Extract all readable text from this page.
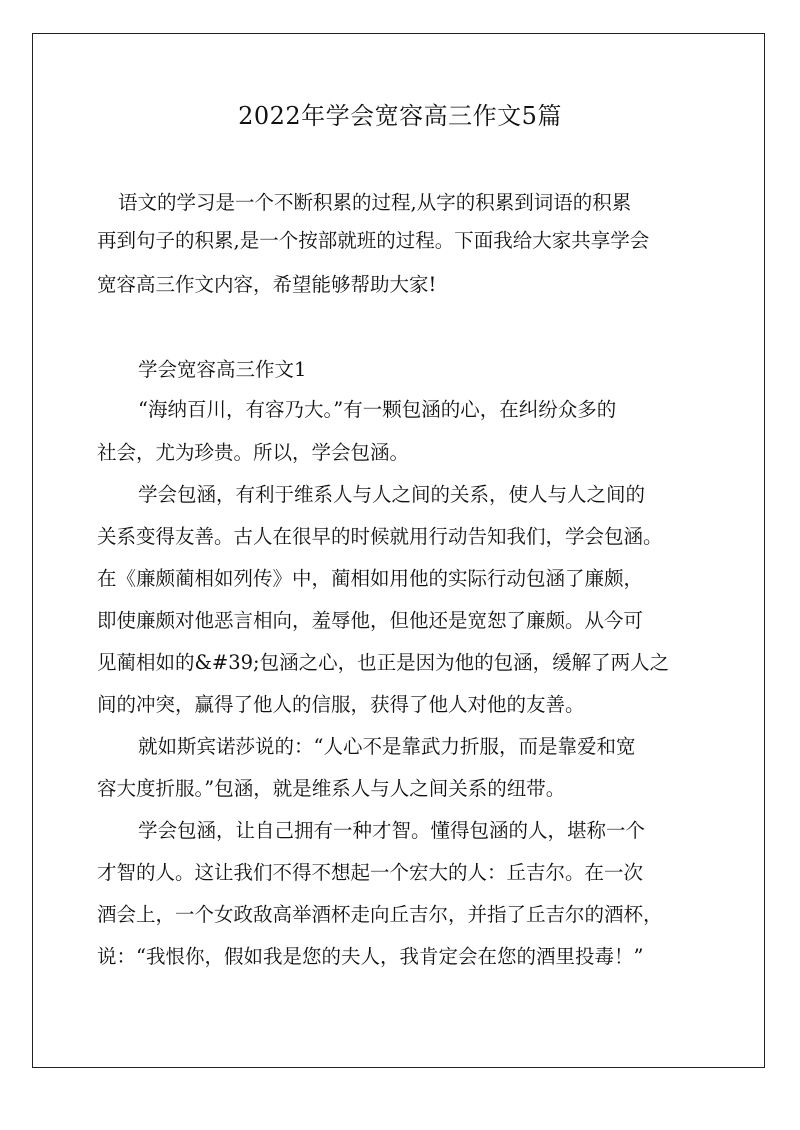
2022年学会宽容高三作文5篇
语文的学习是一个不断积累的过程,从字的积累到词语的积累
再到句子的积累,是一个按部就班的过程。下面我给大家共享学会
宽容高三作文内容，希望能够帮助大家!
学会宽容高三作文1
“海纳百川，有容乃大。”有一颗包涵的心，在纠纷众多的
社会，尤为珍贵。所以，学会包涵。
学会包涵，有利于维系人与人之间的关系，使人与人之间的
关系变得友善。古人在很早的时候就用行动告知我们，学会包涵。
在《廉颇蔺相如列传》中，蔺相如用他的实际行动包涵了廉颇，
即使廉颇对他恶言相向，羞辱他，但他还是宽恕了廉颇。从今可
见蔺相如的&#39;包涵之心，也正是因为他的包涵，缓解了两人之
间的冲突，赢得了他人的信服，获得了他人对他的友善。
就如斯宾诺莎说的：“人心不是靠武力折服，而是靠爱和宽
容大度折服。”包涵，就是维系人与人之间关系的纽带。
学会包涵，让自己拥有一种才智。懂得包涵的人，堪称一个
才智的人。这让我们不得不想起一个宏大的人：丘吉尔。在一次
酒会上，一个女政敌高举酒杯走向丘吉尔，并指了丘吉尔的酒杯，
说：“我恨你，假如我是您的夫人，我肯定会在您的酒里投毒！”
